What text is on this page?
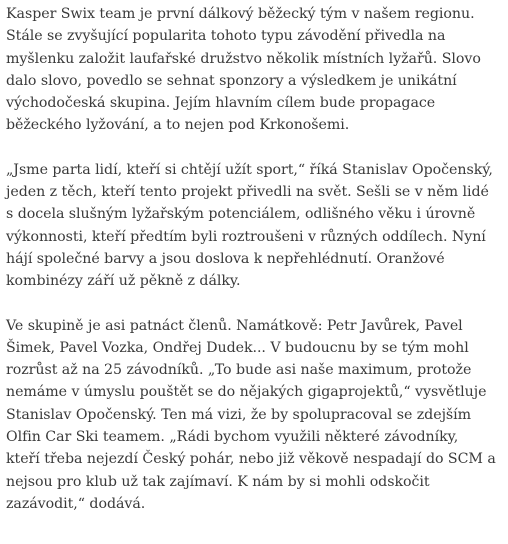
Kasper Swix team je první dálkový běžecký tým v našem regionu.
Stále se zvyšující popularita tohoto typu závodění přivedla na
myšlenku založit laufařské družstvo několik místních lyžařů. Slovo
dalo slovo, povedlo se sehnat sponzory a výsledkem je unikátní
východočeská skupina. Jejím hlavním cílem bude propagace
běžeckého lyžování, a to nejen pod Krkonošemi.

„Jsme parta lidí, kteří si chtějí užít sport,“ říká Stanislav Opočenský,
jeden z těch, kteří tento projekt přivedli na svět. Sešli se v něm lidé
s docela slušným lyžařským potenciálem, odlišného věku i úrovně
výkonnosti, kteří předtím byli roztroušeni v různých oddílech. Nyní
hájí společné barvy a jsou doslova k nepřehlédnutí. Oranžové
kombinézy září už pěkně z dálky.

Ve skupině je asi patnáct členů. Namátkově: Petr Javůrek, Pavel
Šimek, Pavel Vozka, Ondřej Dudek... V budoucnu by se tým mohl
rozrůst až na 25 závodníků. „To bude asi naše maximum, protože
nemáme v úmyslu pouštět se do nějakých gigaprojektů,“ vysvětluje
Stanislav Opočenský. Ten má vizi, že by spolupracoval se zdejším
Olfin Car Ski teamem. „Rádi bychom využili některé závodníky,
kteří třeba nejezdí Český pohár, nebo již věkově nespadají do SCM a
nejsou pro klub už tak zajímaví. K nám by si mohli odskočit
zazávodit,“ dodává.
